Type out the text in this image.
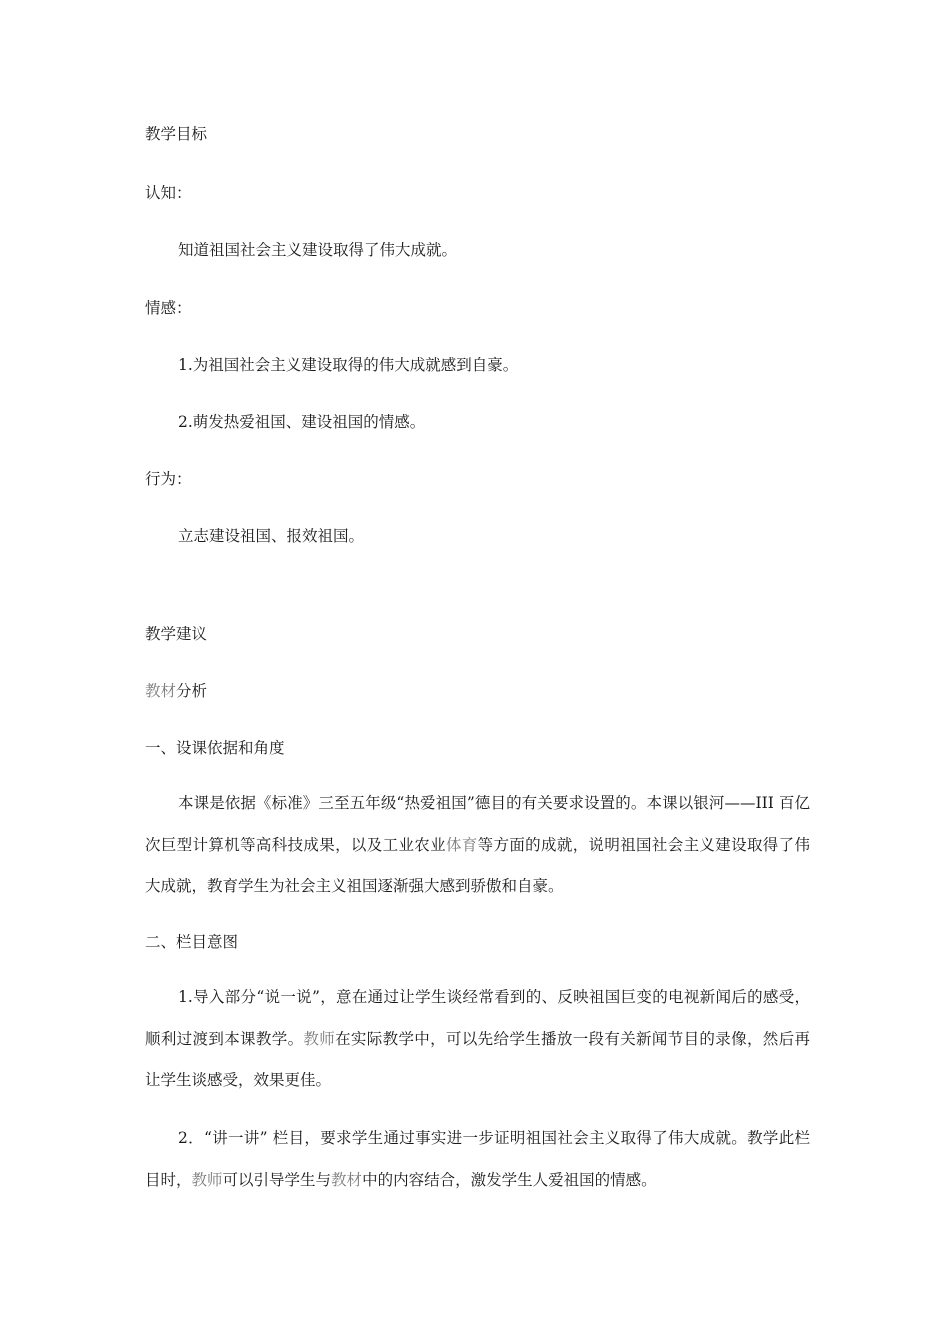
教学目标
认知：
知道祖国社会主义建设取得了伟大成就。
情感：
1.为祖国社会主义建设取得的伟大成就感到自豪。
2.萌发热爱祖国、建设祖国的情感。
行为：
立志建设祖国、报效祖国。
教学建议
教材分析
一、设课依据和角度
本课是依据《标准》三至五年级“热爱祖国”德目的有关要求设置的。本课以银河——III 百亿次巨型计算机等高科技成果，以及工业农业体育等方面的成就，说明祖国社会主义建设取得了伟大成就，教育学生为社会主义祖国逐渐强大感到骄傲和自豪。
二、栏目意图
1.导入部分“说一说”，意在通过让学生谈经常看到的、反映祖国巨变的电视新闻后的感受，顺利过渡到本课教学。教师在实际教学中，可以先给学生播放一段有关新闻节目的录像，然后再让学生谈感受，效果更佳。
2．“讲一讲” 栏目，要求学生通过事实进一步证明祖国社会主义取得了伟大成就。教学此栏目时，教师可以引导学生与教材中的内容结合，激发学生人爱祖国的情感。
